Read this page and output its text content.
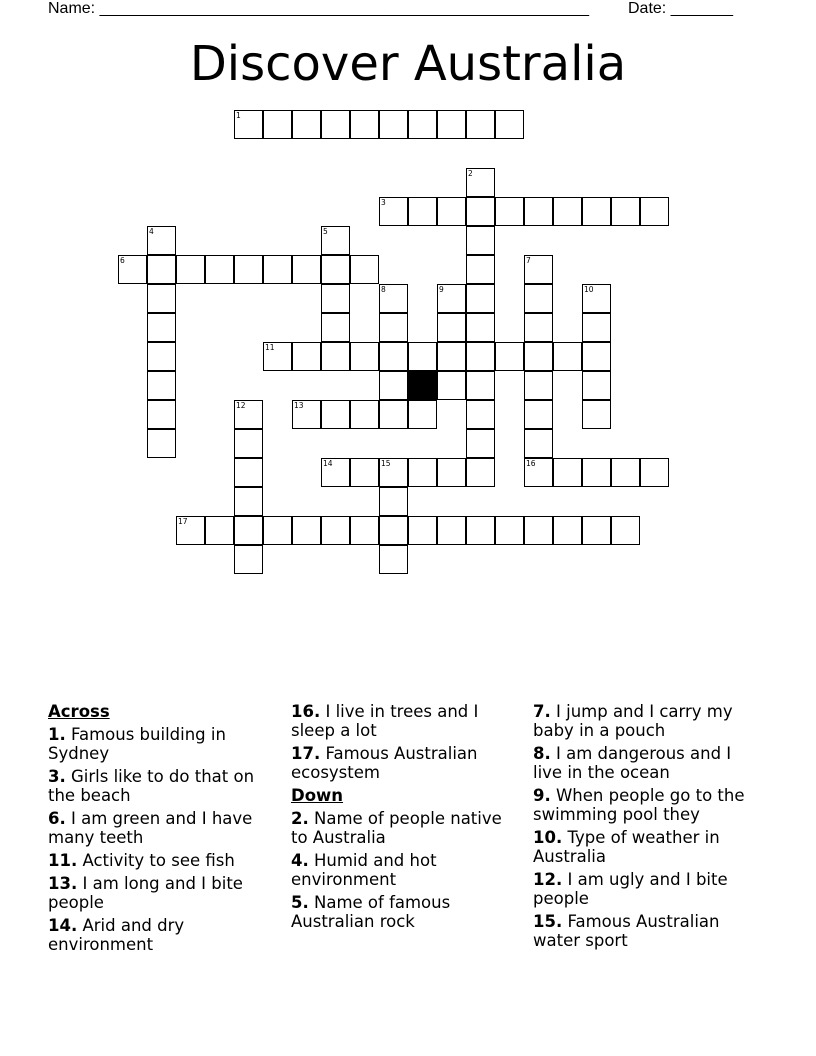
Name: _______________________________________________________ Date: _______
Discover Australia
1
2
3
4	5
6	7
16
8	9	10
11
12	13
14	15
17
Across
1. Famous building in Sydney
3. Girls like to do that on the beach
6. I am green and I have many teeth
11. Activity to see fish
13. I am long and I bite people
14. Arid and dry environment
16. I live in trees and I sleep a lot
17. Famous Australian ecosystem
Down
2. Name of people native to Australia
4. Humid and hot environment
5. Name of famous Australian rock
7. I jump and I carry my baby in a pouch
8. I am dangerous and I live in the ocean
9. When people go to the swimming pool they
10. Type of weather in Australia
12. I am ugly and I bite people
15. Famous Australian water sport
